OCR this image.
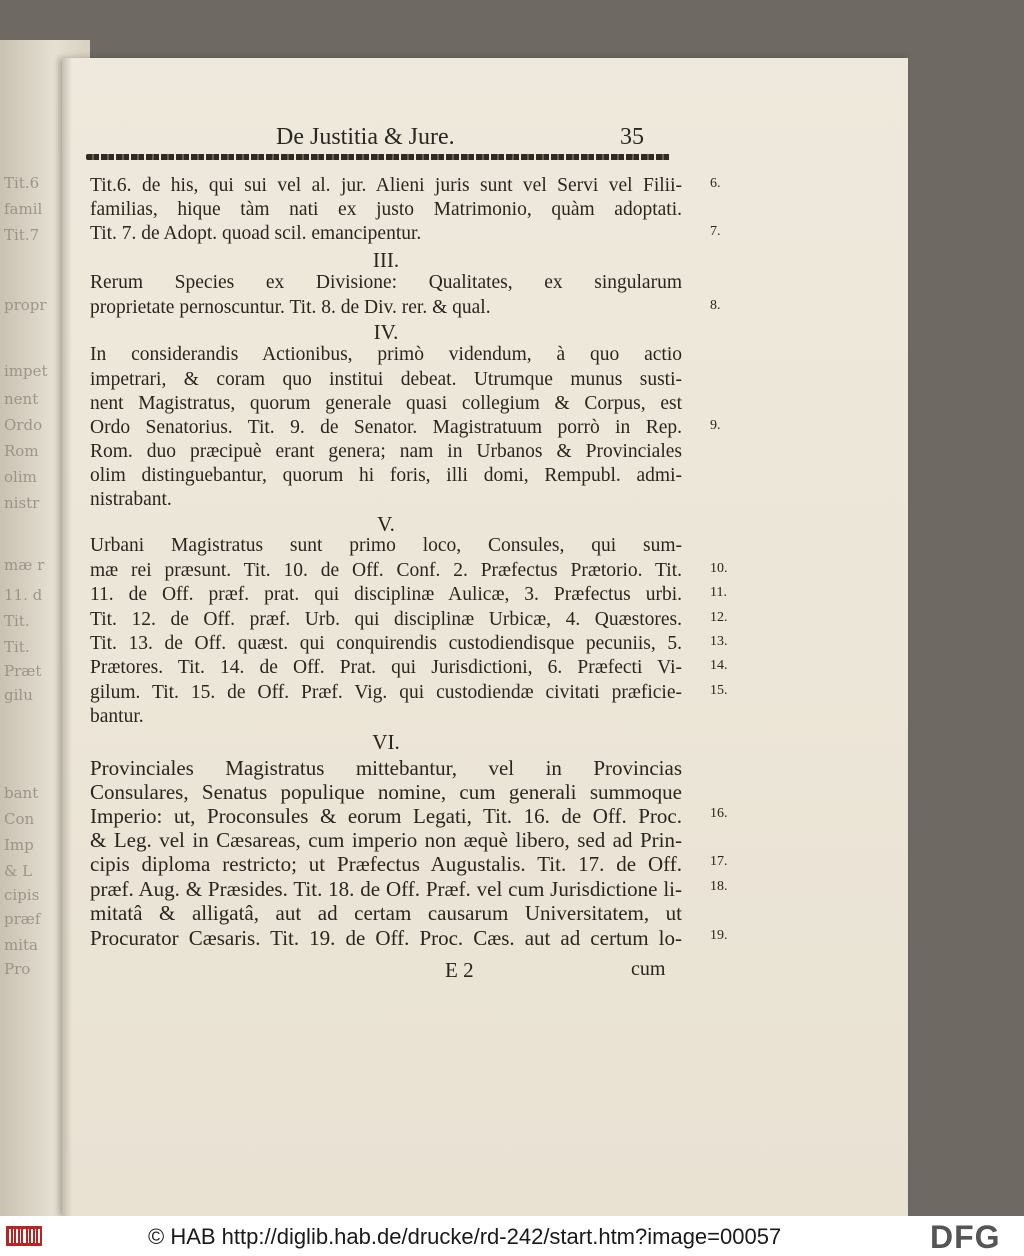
Tit.6
famil
Tit.7
propr
impet
nent
Ordo
Rom
olim
nistr
mæ r
11. d
Tit.
Tit.
Præt
gilu
bant
Con
Imp
& L
cipis
præf
mita
Pro
De Justitia & Jure.	35
Tit.6. de his, qui sui vel al. jur. Alieni juris sunt vel Servi vel Filii- 6.
familias, hique tàm nati ex justo Matrimonio, quàm adoptati.
Tit. 7. de Adopt. quoad scil. emancipentur.	7.
III.
Rerum Species ex Divisione: Qualitates, ex singularum
proprietate pernoscuntur. Tit. 8. de Div. rer. & qual.	8.
IV.
In considerandis Actionibus, primò videndum, à quo actio
impetrari, & coram quo institui debeat. Utrumque munus susti-
nent Magistratus, quorum generale quasi collegium & Corpus, est
Ordo Senatorius. Tit. 9. de Senator. Magistratuum porrò in Rep. 9.
Rom. duo præcipuè erant genera; nam in Urbanos & Provinciales
olim distinguebantur, quorum hi foris, illi domi, Rempubl. admi-
nistrabant.
V.
Urbani Magistratus sunt primo loco, Consules, qui sum-
mæ rei præsunt. Tit. 10. de Off. Conf. 2. Præfectus Prætorio. Tit. 10.
11. de Off. præf. prat. qui disciplinæ Aulicæ, 3. Præfectus urbi. 11.
Tit. 12. de Off. præf. Urb. qui disciplinæ Urbicæ, 4. Quæstores. 12.
Tit. 13. de Off. quæst. qui conquirendis custodiendisque pecuniis, 5. 13.
Prætores. Tit. 14. de Off. Prat. qui Jurisdictioni, 6. Præfecti Vi- 14.
gilum. Tit. 15. de Off. Præf. Vig. qui custodiendæ civitati præficie- 15.
bantur.
VI.
Provinciales Magistratus mittebantur, vel in Provincias
Consulares, Senatus populique nomine, cum generali summoque
Imperio: ut, Proconsules & eorum Legati, Tit. 16. de Off. Proc. 16.
& Leg. vel in Cæsareas, cum imperio non æquè libero, sed ad Prin-
cipis diploma restricto; ut Præfectus Augustalis. Tit. 17. de Off. 17.
præf. Aug. & Præsides. Tit. 18. de Off. Præf. vel cum Jurisdictione li- 18.
mitatâ & alligatâ, aut ad certam causarum Universitatem, ut
Procurator Cæsaris. Tit. 19. de Off. Proc. Cæs. aut ad certum lo- 19.
E 2	cum
© HAB http://diglib.hab.de/drucke/rd-242/start.htm?image=00057	DFG
